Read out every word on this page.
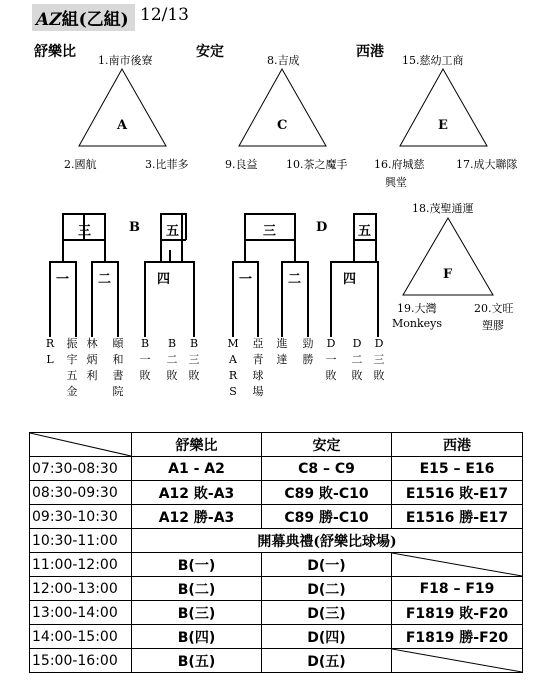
AZ組(乙組) 12/13
舒樂比	安定	西港
1.南市後寮
A
2.國航	3.比菲多
8.吉成
C
9.良益	10.茶之魔手
15.慈幼工商
E
16.府城慈
興堂
17.成大聯隊
18.茂聖通運
F
19.大灣
Monkeys
20.文旺
塑膠
三	B 五
一 二	四
RL
振宇五金
林炳利
頤和書院
B一敗
B二敗
B三敗
三	D 五
一	二	四
MARS
亞青球場
進達
勁勝
D一敗
D二敗
D三敗
	舒樂比	安定	西港
07:30-08:30	A1 - A2	C8 – C9	E15 – E16
08:30-09:30	A12 敗-A3	C89 敗-C10	E1516 敗-E17
09:30-10:30	A12 勝-A3	C89 勝-C10	E1516 勝-E17
10:30-11:00	開幕典禮(舒樂比球場)		
11:00-12:00	B(一)	D(一)	

12:00-13:00	B(二)	D(二)	F18 – F19
13:00-14:00	B(三)	D(三)	F1819 敗-F20
14:00-15:00	B(四)	D(四)	F1819 勝-F20
15:00-16:00	B(五)	D(五)	
